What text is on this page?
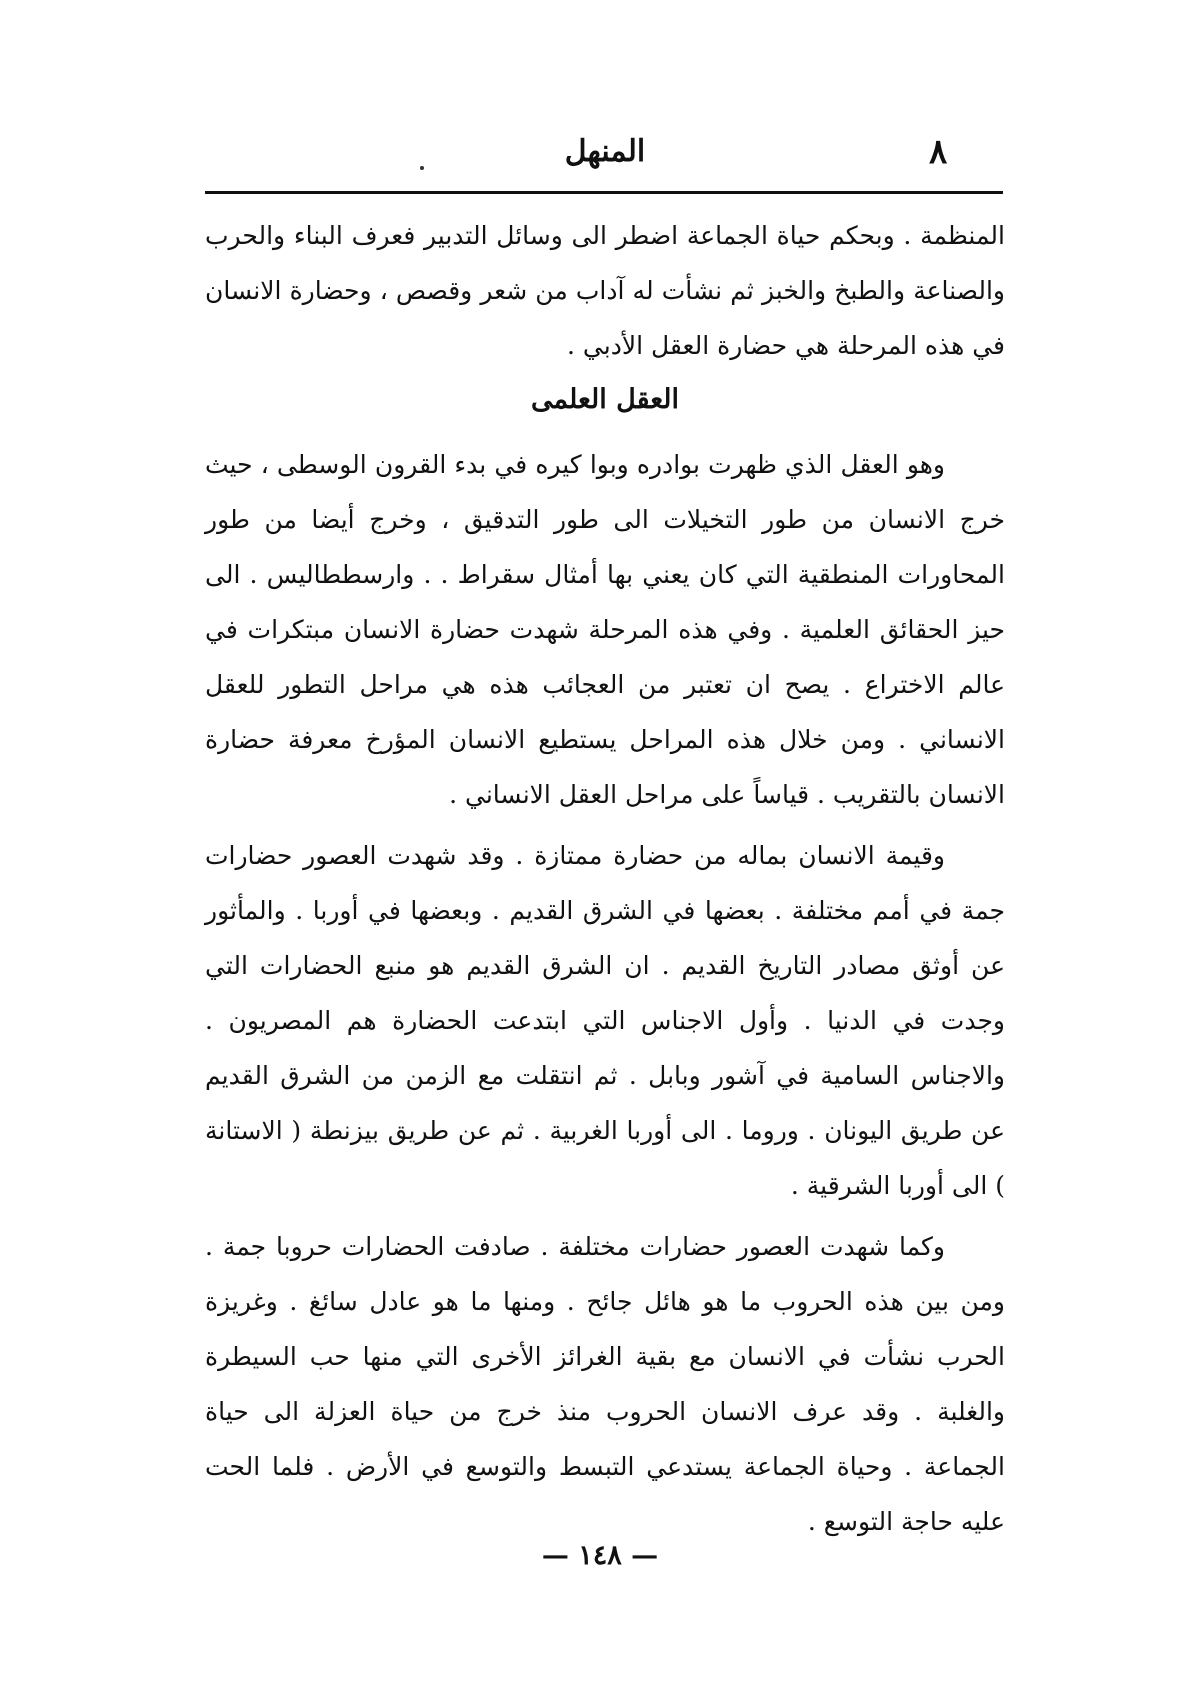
المنهل	٨

المنظمة . وبحكم حياة الجماعة اضطر الى وسائل التدبير فعرف البناء والحرب والصناعة والطبخ والخبز ثم نشأت له آداب من شعر وقصص ، وحضارة الانسان في هذه المرحلة هي حضارة العقل الأدبي .

العقل العلمى

وهو العقل الذي ظهرت بوادره وبوا كيره في بدء القرون الوسطى ، حيث خرج الانسان من طور التخيلات الى طور التدقيق ، وخرج أيضا من طور المحاورات المنطقية التي كان يعني بها أمثال سقراط . . وارسططاليس . الى حيز الحقائق العلمية . وفي هذه المرحلة شهدت حضارة الانسان مبتكرات في عالم الاختراع . يصح ان تعتبر من العجائب هذه هي مراحل التطور للعقل الانساني . ومن خلال هذه المراحل يستطيع الانسان المؤرخ معرفة حضارة الانسان بالتقريب . قياساً على مراحل العقل الانساني .

وقيمة الانسان بماله من حضارة ممتازة . وقد شهدت العصور حضارات جمة في أمم مختلفة . بعضها في الشرق القديم . وبعضها في أوربا . والمأثور عن أوثق مصادر التاريخ القديم . ان الشرق القديم هو منبع الحضارات التي وجدت في الدنيا . وأول الاجناس التي ابتدعت الحضارة هم المصريون . والاجناس السامية في آشور وبابل . ثم انتقلت مع الزمن من الشرق القديم عن طريق اليونان . وروما . الى أوربا الغربية . ثم عن طريق بيزنطة ( الاستانة ) الى أوربا الشرقية .

وكما شهدت العصور حضارات مختلفة . صادفت الحضارات حروبا جمة . ومن بين هذه الحروب ما هو هائل جائح . ومنها ما هو عادل سائغ . وغريزة الحرب نشأت في الانسان مع بقية الغرائز الأخرى التي منها حب السيطرة والغلبة . وقد عرف الانسان الحروب منذ خرج من حياة العزلة الى حياة الجماعة . وحياة الجماعة يستدعي التبسط والتوسع في الأرض . فلما الحت عليه حاجة التوسع .

— ١٤٨ —
